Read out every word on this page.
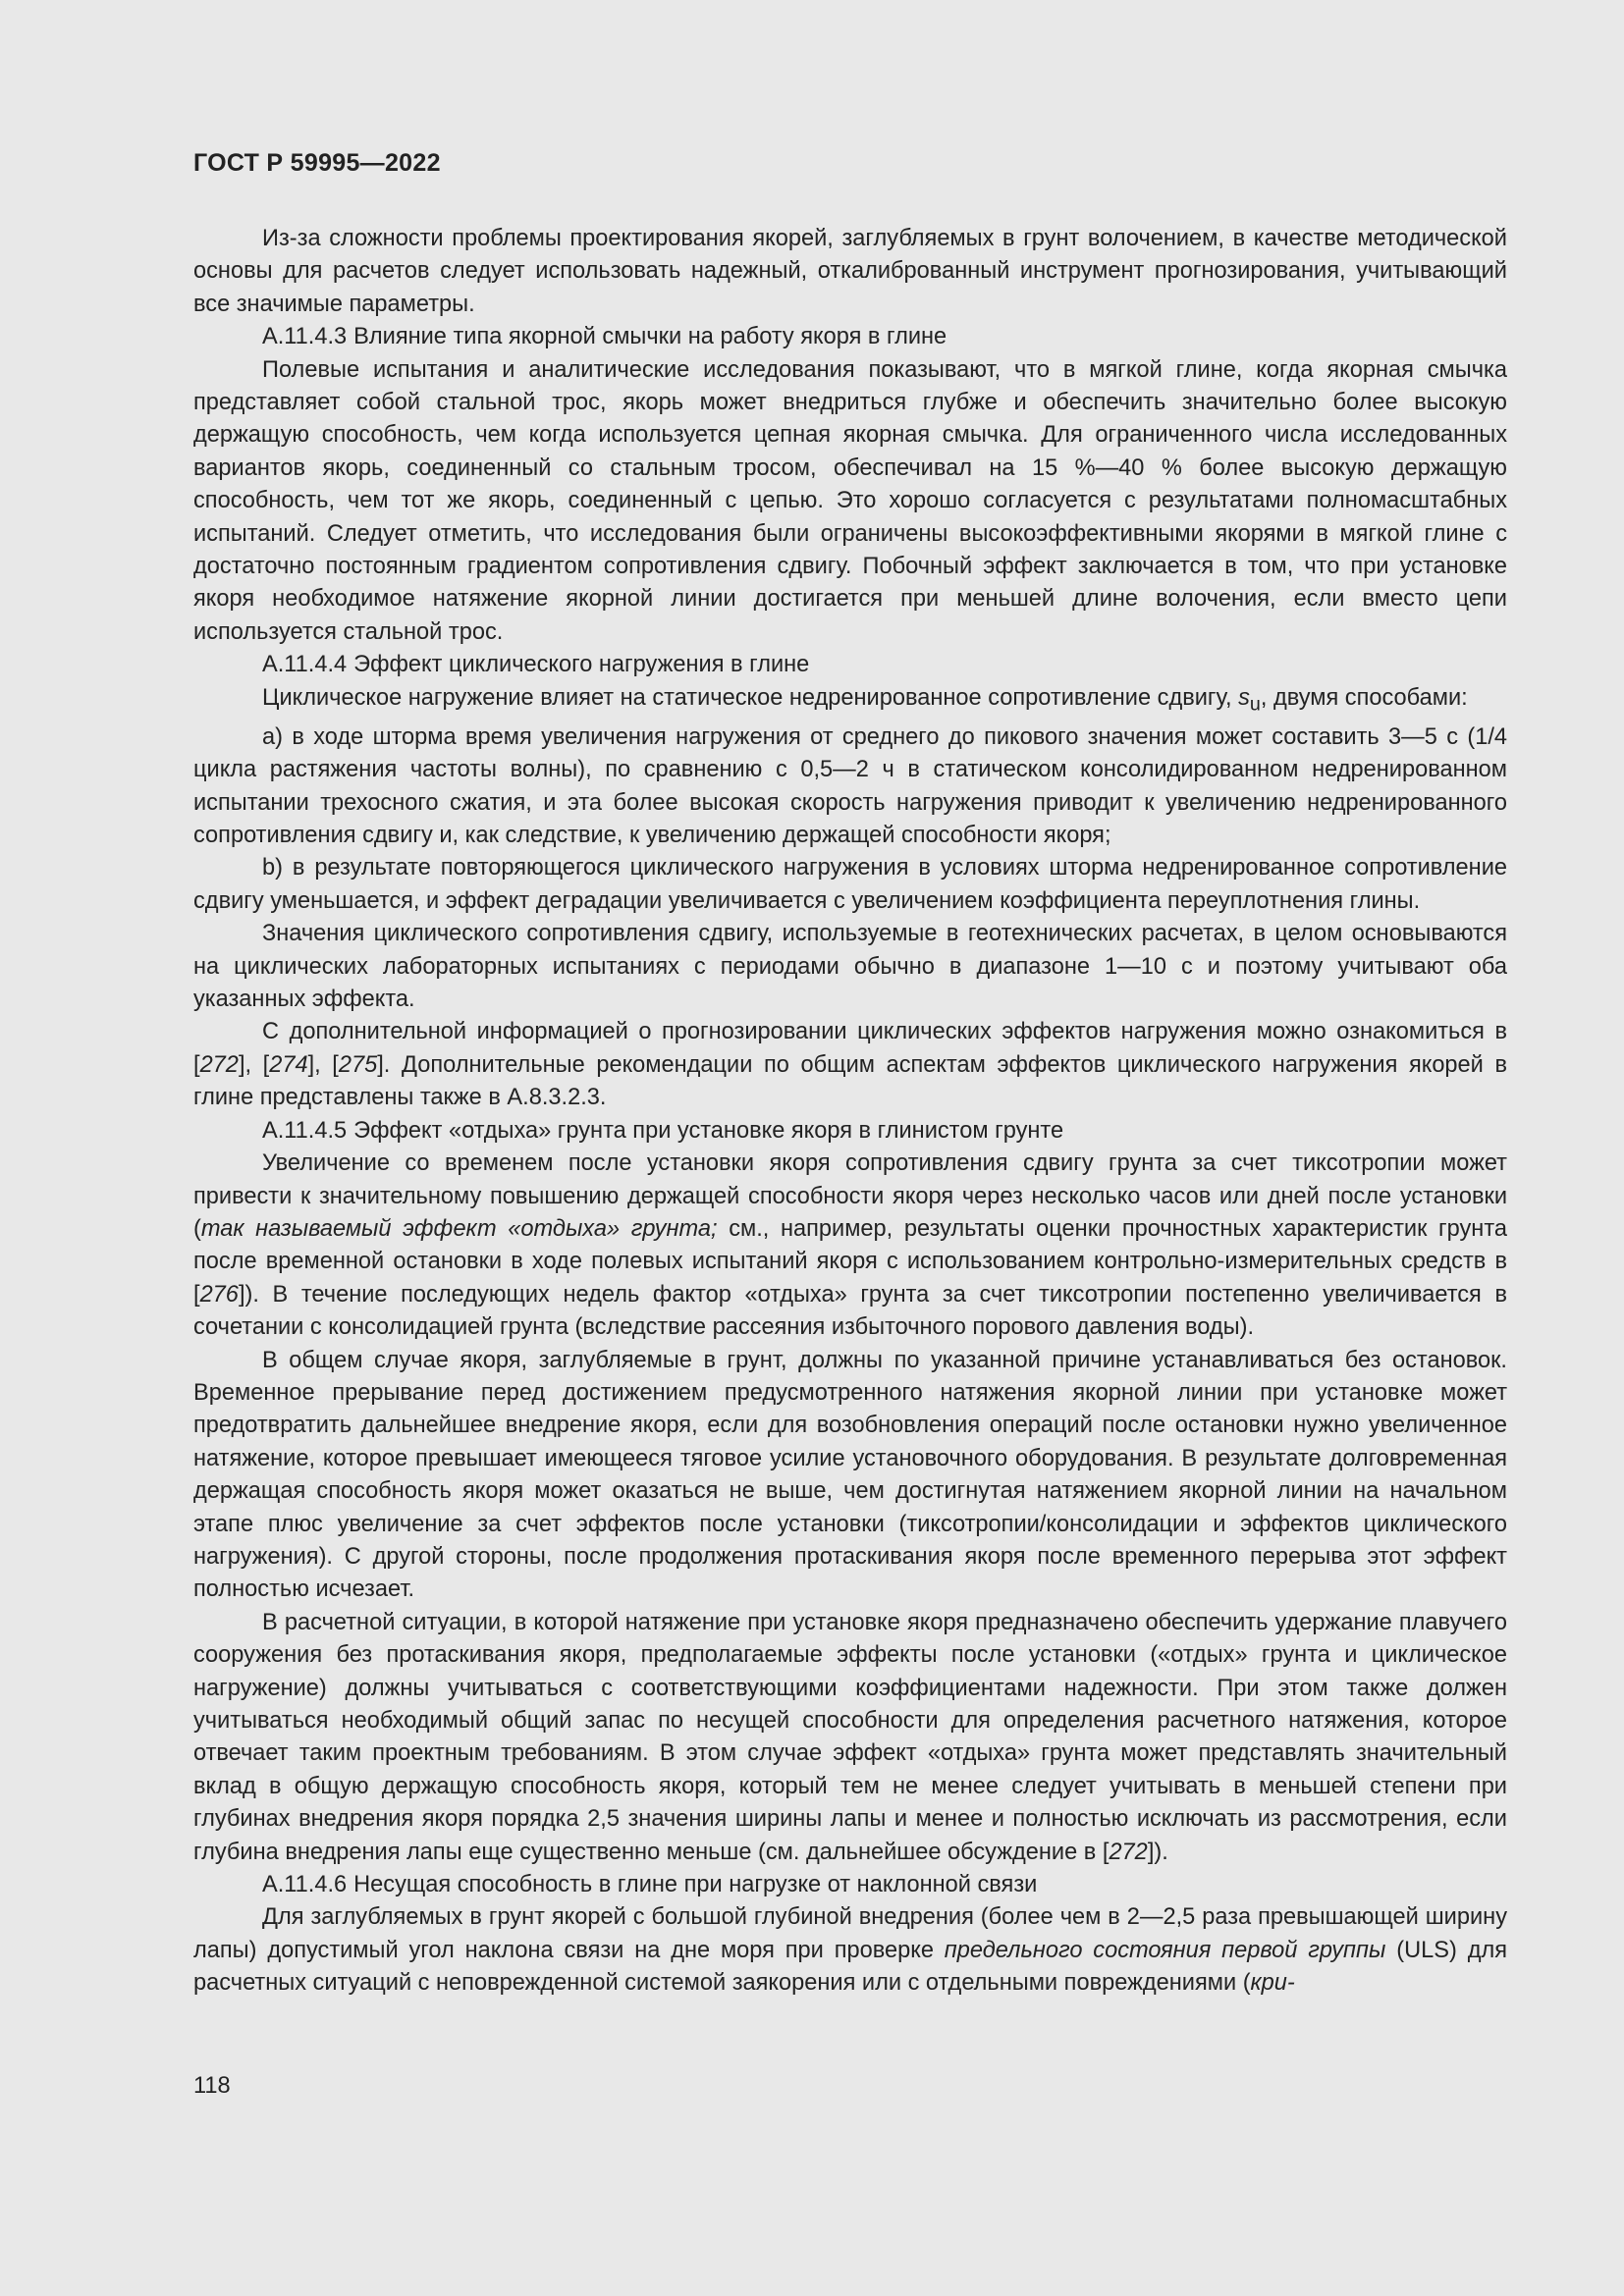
ГОСТ Р 59995—2022

Из-за сложности проблемы проектирования якорей, заглубляемых в грунт волочением, в качестве методической основы для расчетов следует использовать надежный, откалиброванный инструмент прогнозирования, учитывающий все значимые параметры.

А.11.4.3 Влияние типа якорной смычки на работу якоря в глине

Полевые испытания и аналитические исследования показывают, что в мягкой глине, когда якорная смычка представляет собой стальной трос, якорь может внедриться глубже и обеспечить значительно более высокую держащую способность, чем когда используется цепная якорная смычка. Для ограниченного числа исследованных вариантов якорь, соединенный со стальным тросом, обеспечивал на 15 %—40 % более высокую держащую способность, чем тот же якорь, соединенный с цепью. Это хорошо согласуется с результатами полномасштабных испытаний. Следует отметить, что исследования были ограничены высокоэффективными якорями в мягкой глине с достаточно постоянным градиентом сопротивления сдвигу. Побочный эффект заключается в том, что при установке якоря необходимое натяжение якорной линии достигается при меньшей длине волочения, если вместо цепи используется стальной трос.

А.11.4.4 Эффект циклического нагружения в глине

Циклическое нагружение влияет на статическое недренированное сопротивление сдвигу, $s_u$, двумя способами:

а) в ходе шторма время увеличения нагружения от среднего до пикового значения может составить 3—5 с (1/4 цикла растяжения частоты волны), по сравнению с 0,5—2 ч в статическом консолидированном недренированном испытании трехосного сжатия, и эта более высокая скорость нагружения приводит к увеличению недренированного сопротивления сдвигу и, как следствие, к увеличению держащей способности якоря;

b) в результате повторяющегося циклического нагружения в условиях шторма недренированное сопротивление сдвигу уменьшается, и эффект деградации увеличивается с увеличением коэффициента переуплотнения глины.

Значения циклического сопротивления сдвигу, используемые в геотехнических расчетах, в целом основываются на циклических лабораторных испытаниях с периодами обычно в диапазоне 1—10 с и поэтому учитывают оба указанных эффекта.

С дополнительной информацией о прогнозировании циклических эффектов нагружения можно ознакомиться в [272], [274], [275]. Дополнительные рекомендации по общим аспектам эффектов циклического нагружения якорей в глине представлены также в А.8.3.2.3.

А.11.4.5 Эффект «отдыха» грунта при установке якоря в глинистом грунте

Увеличение со временем после установки якоря сопротивления сдвигу грунта за счет тиксотропии может привести к значительному повышению держащей способности якоря через несколько часов или дней после установки (так называемый эффект «отдыха» грунта; см., например, результаты оценки прочностных характеристик грунта после временной остановки в ходе полевых испытаний якоря с использованием контрольно-измерительных средств в [276]). В течение последующих недель фактор «отдыха» грунта за счет тиксотропии постепенно увеличивается в сочетании с консолидацией грунта (вследствие рассеяния избыточного порового давления воды).

В общем случае якоря, заглубляемые в грунт, должны по указанной причине устанавливаться без остановок. Временное прерывание перед достижением предусмотренного натяжения якорной линии при установке может предотвратить дальнейшее внедрение якоря, если для возобновления операций после остановки нужно увеличенное натяжение, которое превышает имеющееся тяговое усилие установочного оборудования. В результате долговременная держащая способность якоря может оказаться не выше, чем достигнутая натяжением якорной линии на начальном этапе плюс увеличение за счет эффектов после установки (тиксотропии/консолидации и эффектов циклического нагружения). С другой стороны, после продолжения протаскивания якоря после временного перерыва этот эффект полностью исчезает.

В расчетной ситуации, в которой натяжение при установке якоря предназначено обеспечить удержание плавучего сооружения без протаскивания якоря, предполагаемые эффекты после установки («отдых» грунта и циклическое нагружение) должны учитываться с соответствующими коэффициентами надежности. При этом также должен учитываться необходимый общий запас по несущей способности для определения расчетного натяжения, которое отвечает таким проектным требованиям. В этом случае эффект «отдыха» грунта может представлять значительный вклад в общую держащую способность якоря, который тем не менее следует учитывать в меньшей степени при глубинах внедрения якоря порядка 2,5 значения ширины лапы и менее и полностью исключать из рассмотрения, если глубина внедрения лапы еще существенно меньше (см. дальнейшее обсуждение в [272]).

А.11.4.6 Несущая способность в глине при нагрузке от наклонной связи

Для заглубляемых в грунт якорей с большой глубиной внедрения (более чем в 2—2,5 раза превышающей ширину лапы) допустимый угол наклона связи на дне моря при проверке предельного состояния первой группы (ULS) для расчетных ситуаций с неповрежденной системой заякорения или с отдельными повреждениями (кри-

118
